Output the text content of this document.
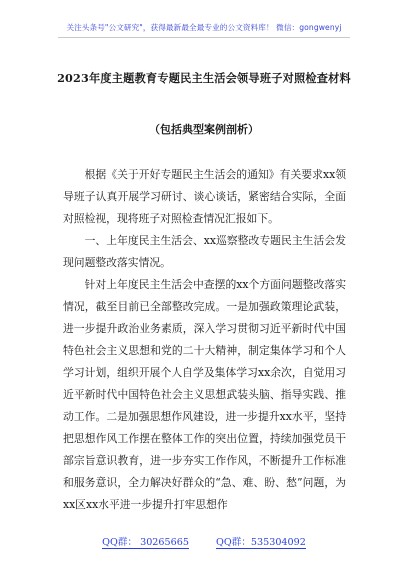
关注头条号"公文研究"，获得最新最全最专业的公文资料库！ 微信：gongwenyj
2023年度主题教育专题民主生活会领导班子对照检查材料
（包括典型案例剖析）

根据《关于开好专题民主生活会的通知》有关要求xx领导班子认真开展学习研讨、谈心谈话，紧密结合实际，全面对照检视，现将班子对照检查情况汇报如下。

一、上年度民主生活会、xx巡察整改专题民主生活会发现问题整改落实情况。

针对上年度民主生活会中查摆的xx个方面问题整改落实情况，截至目前已全部整改完成。一是加强政策理论武装，进一步提升政治业务素质，深入学习贯彻习近平新时代中国特色社会主义思想和党的二十大精神，制定集体学习和个人学习计划，组织开展个人自学及集体学习xx余次，自觉用习近平新时代中国特色社会主义思想武装头脑、指导实践、推动工作。二是加强思想作风建设，进一步提升xx水平，坚持把思想作风工作摆在整体工作的突出位置，持续加强党员干部宗旨意识教育，进一步夯实工作作风，不断提升工作标准和服务意识，全力解决好群众的“急、难、盼、愁”问题，为xx区xx水平进一步提升打牢思想作

QQ群： 30265665	QQ群：535304092
